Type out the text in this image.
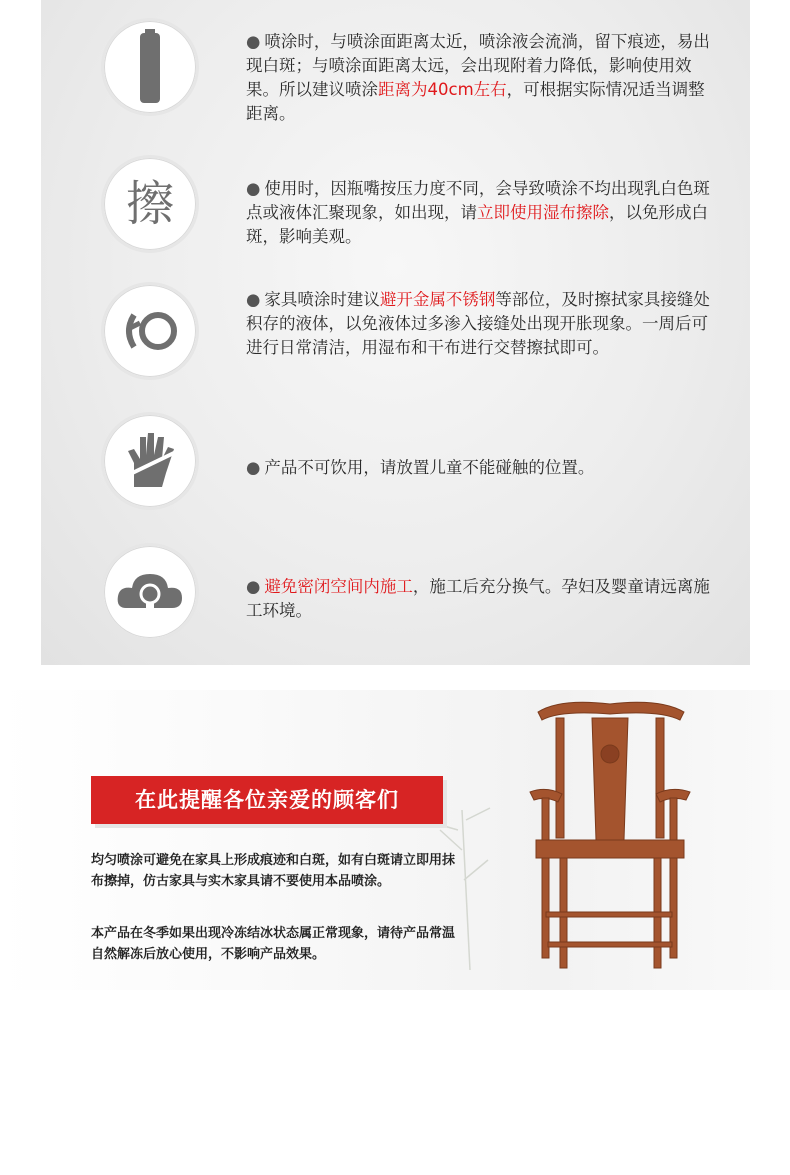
● 喷涂时，与喷涂面距离太近，喷涂液会流淌，留下痕迹，易出现白斑；与喷涂面距离太远，会出现附着力降低，影响使用效果。所以建议喷涂距离为40cm左右，可根据实际情况适当调整距离。
擦	● 使用时，因瓶嘴按压力度不同，会导致喷涂不均出现乳白色斑点或液体汇聚现象，如出现，请立即使用湿布擦除，以免形成白斑，影响美观。
● 家具喷涂时建议避开金属不锈钢等部位，及时擦拭家具接缝处积存的液体，以免液体过多渗入接缝处出现开胀现象。一周后可进行日常清洁，用湿布和干布进行交替擦拭即可。
● 产品不可饮用，请放置儿童不能碰触的位置。
● 避免密闭空间内施工，施工后充分换气。孕妇及婴童请远离施工环境。
在此提醒各位亲爱的顾客们
均匀喷涂可避免在家具上形成痕迹和白斑，如有白斑请立即用抹布擦掉，仿古家具与实木家具请不要使用本品喷涂。
本产品在冬季如果出现冷冻结冰状态属正常现象，请待产品常温自然解冻后放心使用，不影响产品效果。
